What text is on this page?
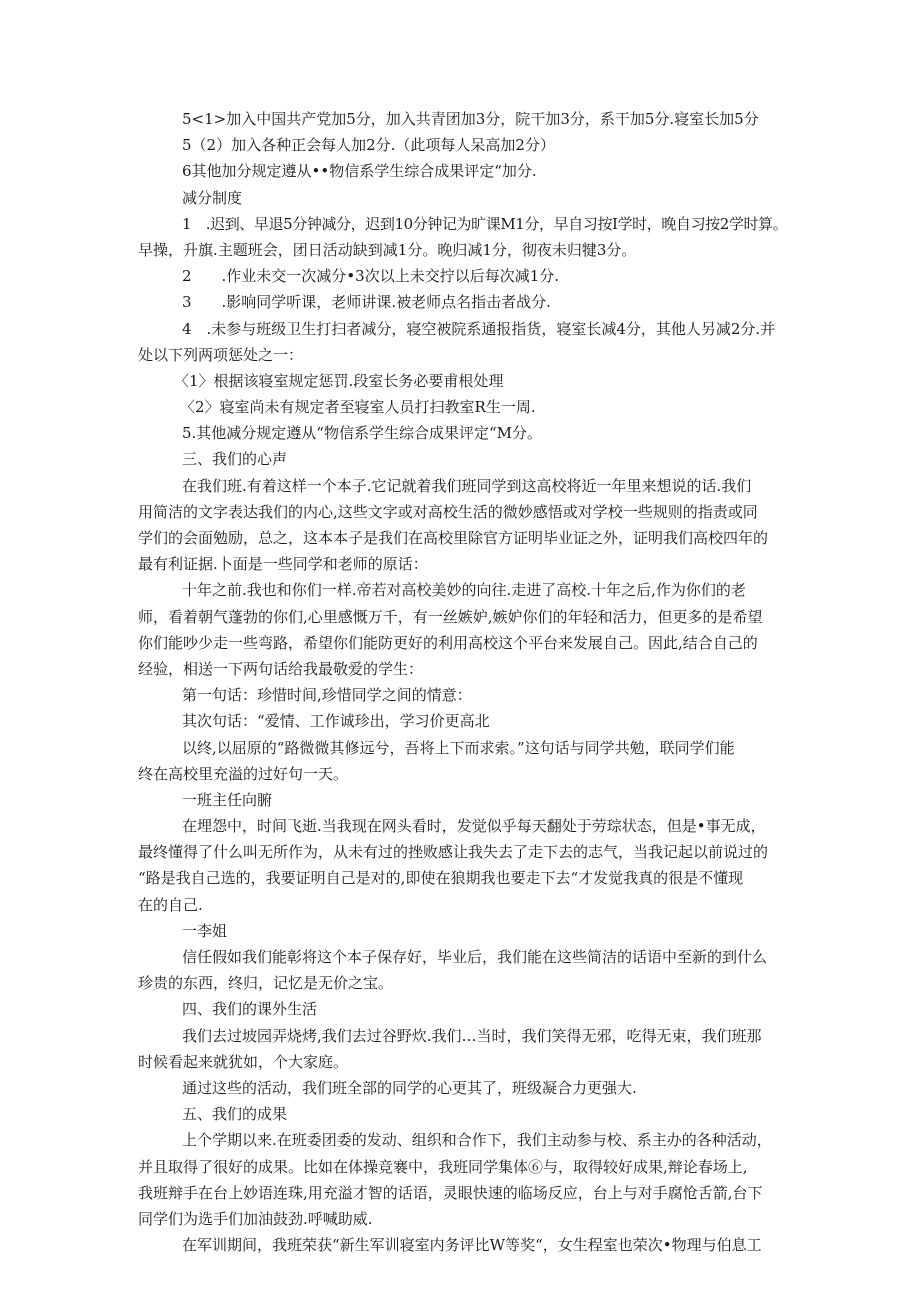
5<1>加入中国共产党加5分，加入共青团加3分，院干加3分，系干加5分.寝室长加5分
5（2）加入各种正会每人加2分.（此项每人呆高加2分）
6其他加分规定遵从••物信系学生综合成果评定“加分.
减分制度
1　.迟到、早退5分钟减分，迟到10分钟记为旷课M1分，早自习按I学时，晚自习按2学时算。
早操，升旗.主题班会，团日活动缺到减1分。晚归减1分，彻夜未归犍3分。
2　　.作业未交一次减分•3次以上未交拧以后每次减1分.
3　　.影响同学听课，老师讲课.被老师点名指击者战分.
4　.未参与班级卫生打扫者减分，寝空被院系通报指货，寝室长减4分，其他人另减2分.并
处以下列两项惩处之一：
〈1〉根据该寝室规定惩罚.段室长务必要甫根处理
〈2〉寝室尚未有规定者至寝室人员打扫教室R生一周.
5.其他减分规定遵从“物信系学生综合成果评定“M分。
三、我们的心声
在我们班.有着这样一个本子.它记就着我们班同学到这高校将近一年里来想说的话.我们
用简洁的文字表达我们的内心,这些文字或对高校生活的微妙感悟或对学校一些规则的指责或同
学们的会面勉励，总之，这本本子是我们在高校里除官方证明毕业证之外，证明我们高校四年的
最有利证据.卜面是一些同学和老师的原话：
十年之前.我也和你们一样.帝若对高校美妙的向往.走进了高校.十年之后,作为你们的老
师，看着朝气蓬勃的你们,心里感慨万千，有一丝嫉妒,嫉妒你们的年轻和活力，但更多的是希望
你们能吵少走一些弯路，希望你们能防更好的利用高校这个平台来发展自己。因此,结合自己的
经验，相送一下两句话给我最敬爱的学生：
第一句话：珍惜时间,珍惜同学之间的情意：
其次句话：“爱情、工作诚珍出，学习价更高北
以终,以屈原的“路微微其修远兮，吾将上下而求索。”这句话与同学共勉，联同学们能
终在高校里充溢的过好句一天。
一班主任向腑
在埋怨中，时间飞逝.当我现在网头看时，发觉似乎每天翻处于劳琮状态，但是•事无成，
最终懂得了什么叫无所作为，从未有过的挫败感让我失去了走下去的志气，当我记起以前说过的
“路是我自己选的，我要证明自己是对的,即使在狼期我也要走下去“才发觉我真的很是不懂现
在的自己.
一李姐
信任假如我们能彰将这个本子保存好，毕业后，我们能在这些简洁的话语中至新的到什么
珍贵的东西，终归，记忆是无价之宝。
四、我们的课外生活
我们去过坡园弄烧烤,我们去过谷野炊.我们…当时，我们笑得无邪，吃得无束，我们班那
时候看起来就犹如，个大家庭。
通过这些的活动，我们班全部的同学的心更其了，班级凝合力更强大.
五、我们的成果
上个学期以来.在班委团委的发动、组织和合作下，我们主动参与校、系主办的各种活动，
并且取得了很好的成果。比如在体操竞褰中，我班同学集体⑥与，取得较好成果,辩论春场上,
我班辩手在台上妙语连珠,用充溢才智的话语，灵眼快速的临场反应，台上与对手腐怆舌箭,台下
同学们为选手们加油鼓劲.呼喊助威.
在军训期间，我班荣获“新生军训寝室内务评比W等奖“，女生程室也荣次•物理与伯息工
